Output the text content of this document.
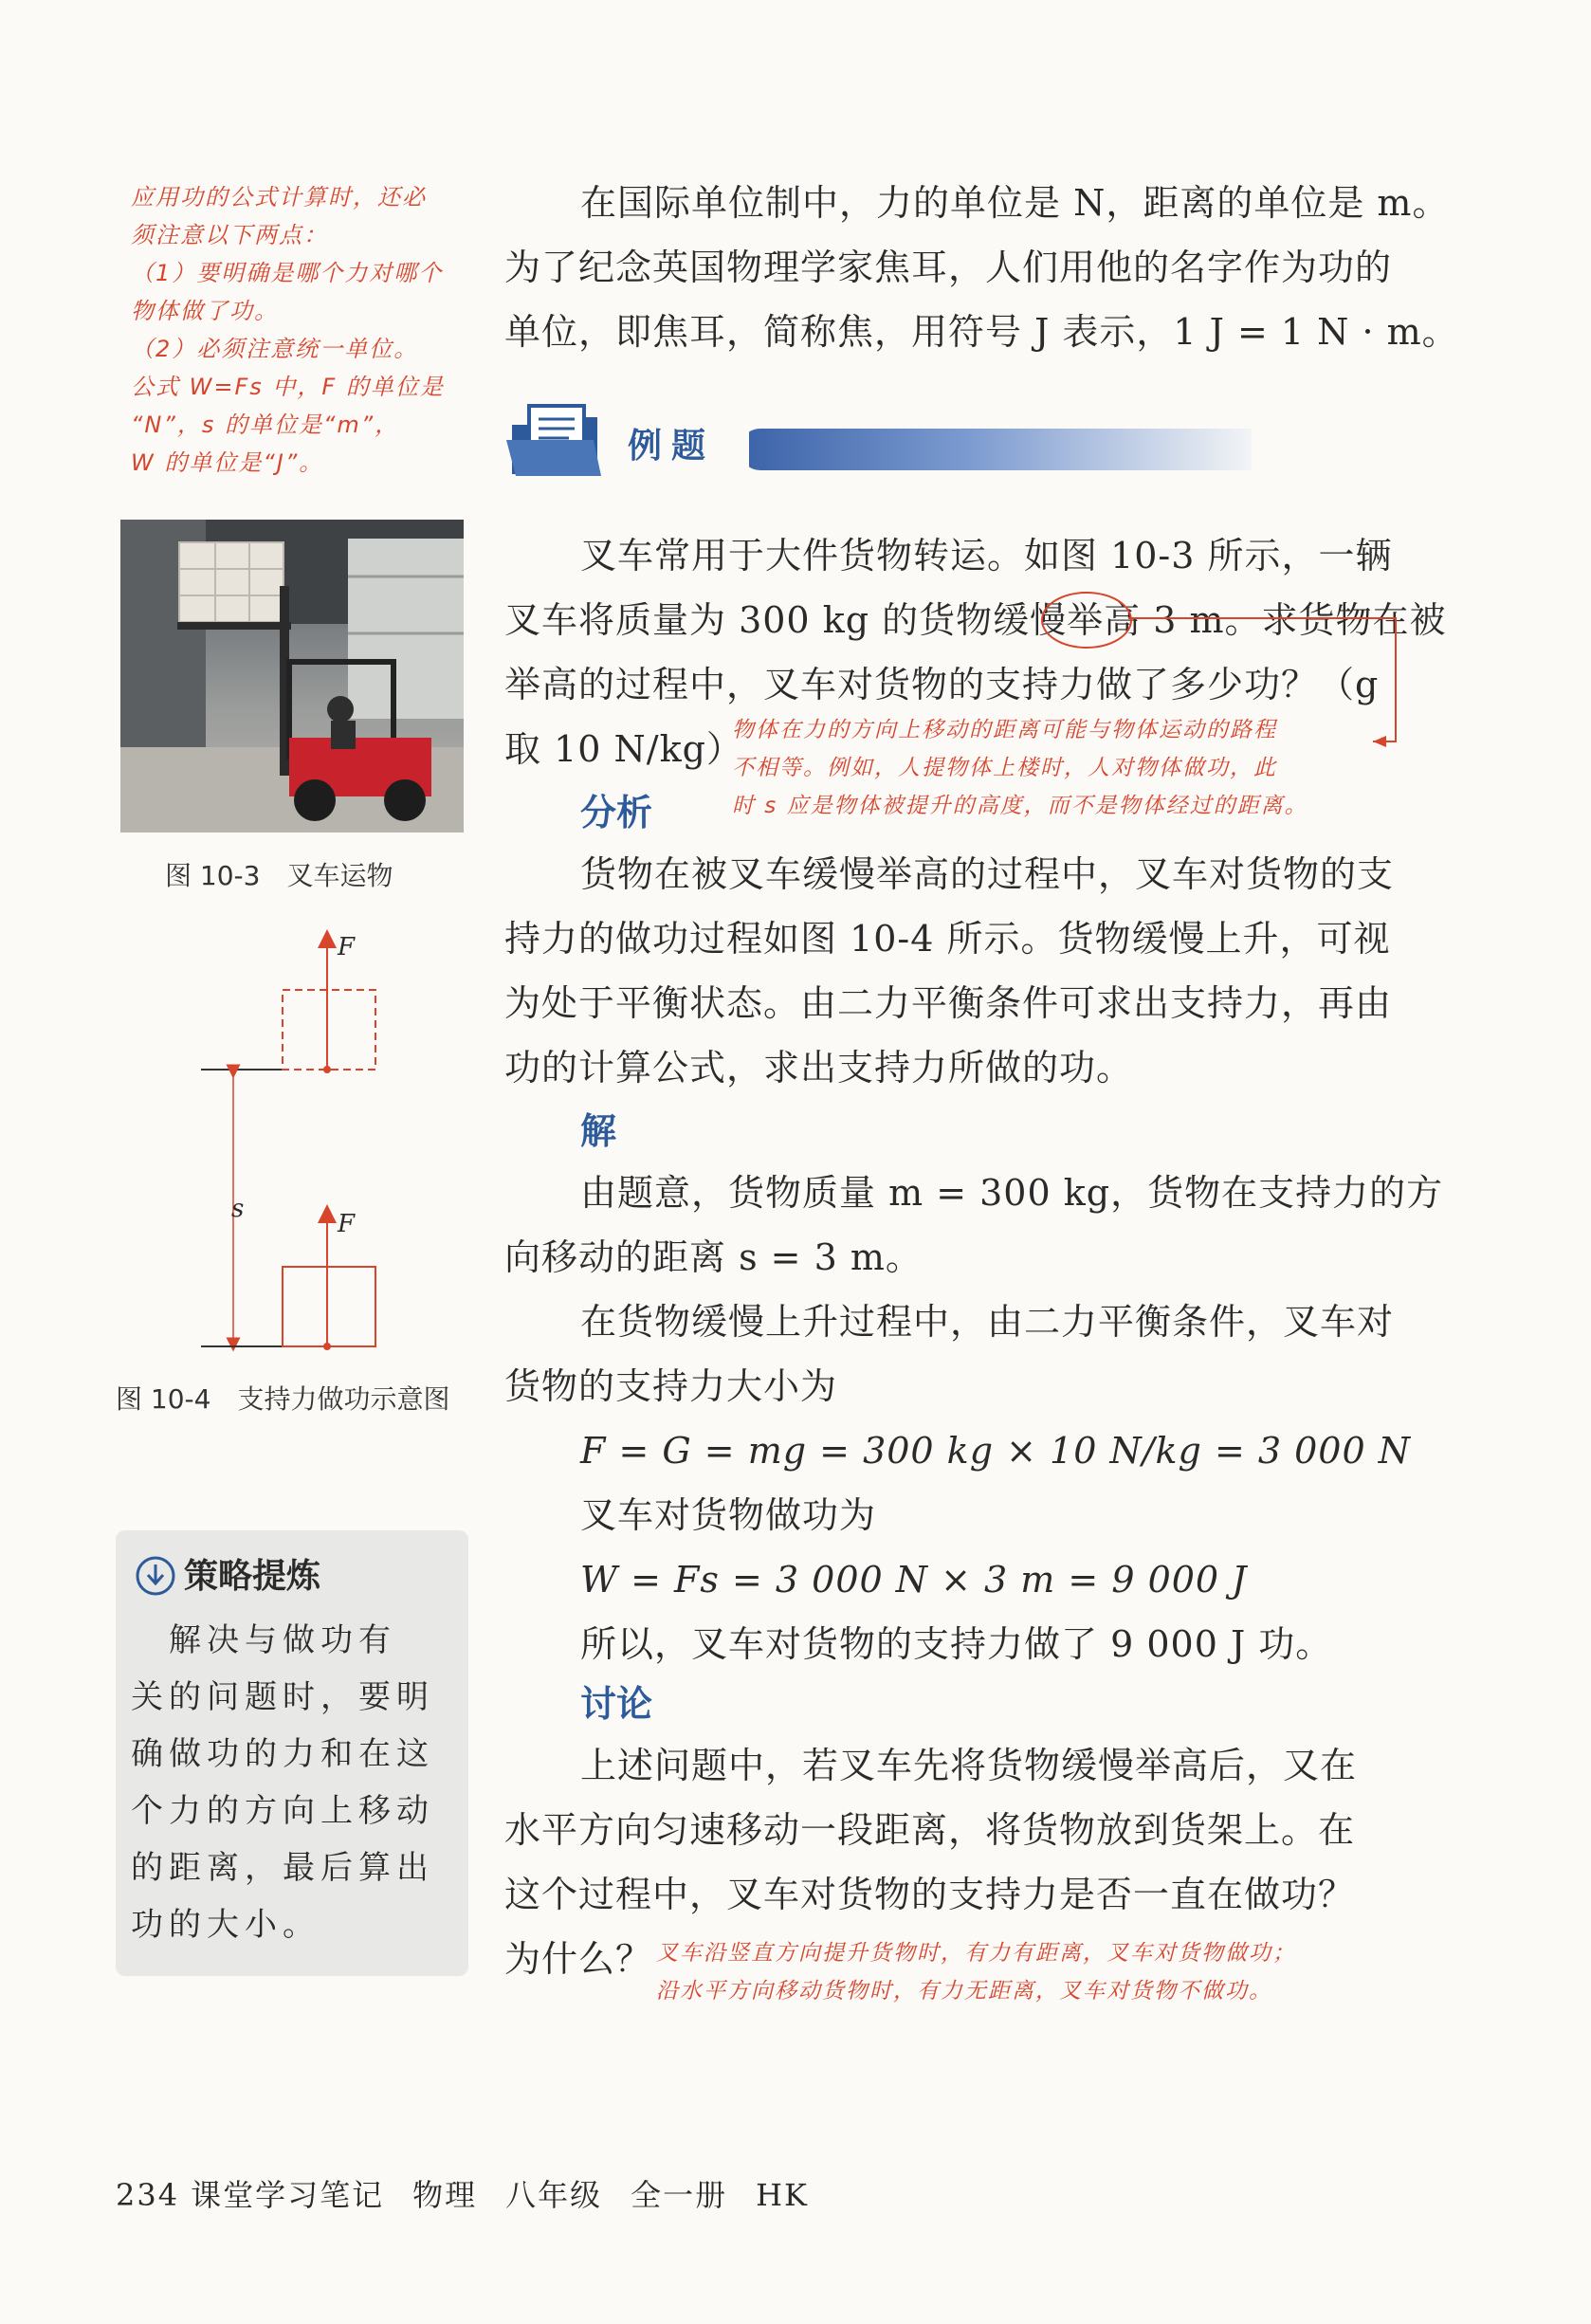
应用功的公式计算时，还必
须注意以下两点：
（1）要明确是哪个力对哪个
物体做了功。
（2）必须注意统一单位。
公式 W=Fs 中，F 的单位是
“N”，s 的单位是“m”，
W 的单位是“J”。
在国际单位制中，力的单位是 N，距离的单位是 m。
为了纪念英国物理学家焦耳，人们用他的名字作为功的
单位，即焦耳，简称焦，用符号 J 表示，1 J = 1 N · m。
例题
叉车常用于大件货物转运。如图 10-3 所示，一辆
叉车将质量为 300 kg 的货物缓慢举高 3 m。求货物在被
举高的过程中，叉车对货物的支持力做了多少功？（g
取 10 N/kg）
物体在力的方向上移动的距离可能与物体运动的路程
不相等。例如，人提物体上楼时，人对物体做功，此
时 s 应是物体被提升的高度，而不是物体经过的距离。
分析
货物在被叉车缓慢举高的过程中，叉车对货物的支
持力的做功过程如图 10-4 所示。货物缓慢上升，可视
为处于平衡状态。由二力平衡条件可求出支持力，再由
功的计算公式，求出支持力所做的功。
解
由题意，货物质量 m = 300 kg，货物在支持力的方
向移动的距离 s = 3 m。
在货物缓慢上升过程中，由二力平衡条件，叉车对
货物的支持力大小为
F = G = mg = 300 kg × 10 N/kg = 3 000 N
叉车对货物做功为
W = Fs = 3 000 N × 3 m = 9 000 J
所以，叉车对货物的支持力做了 9 000 J 功。
讨论
上述问题中，若叉车先将货物缓慢举高后，又在
水平方向匀速移动一段距离，将货物放到货架上。在
这个过程中，叉车对货物的支持力是否一直在做功？
为什么？ 叉车沿竖直方向提升货物时，有力有距离，叉车对货物做功；
沿水平方向移动货物时，有力无距离，叉车对货物不做功。
图 10-3　叉车运物
F
F
s
图 10-4　支持力做功示意图
策略提炼
　解决与做功有
关的问题时，要明
确做功的力和在这
个力的方向上移动
的距离，最后算出
功的大小。
234 课堂学习笔记 物理 八年级 全一册 HK
